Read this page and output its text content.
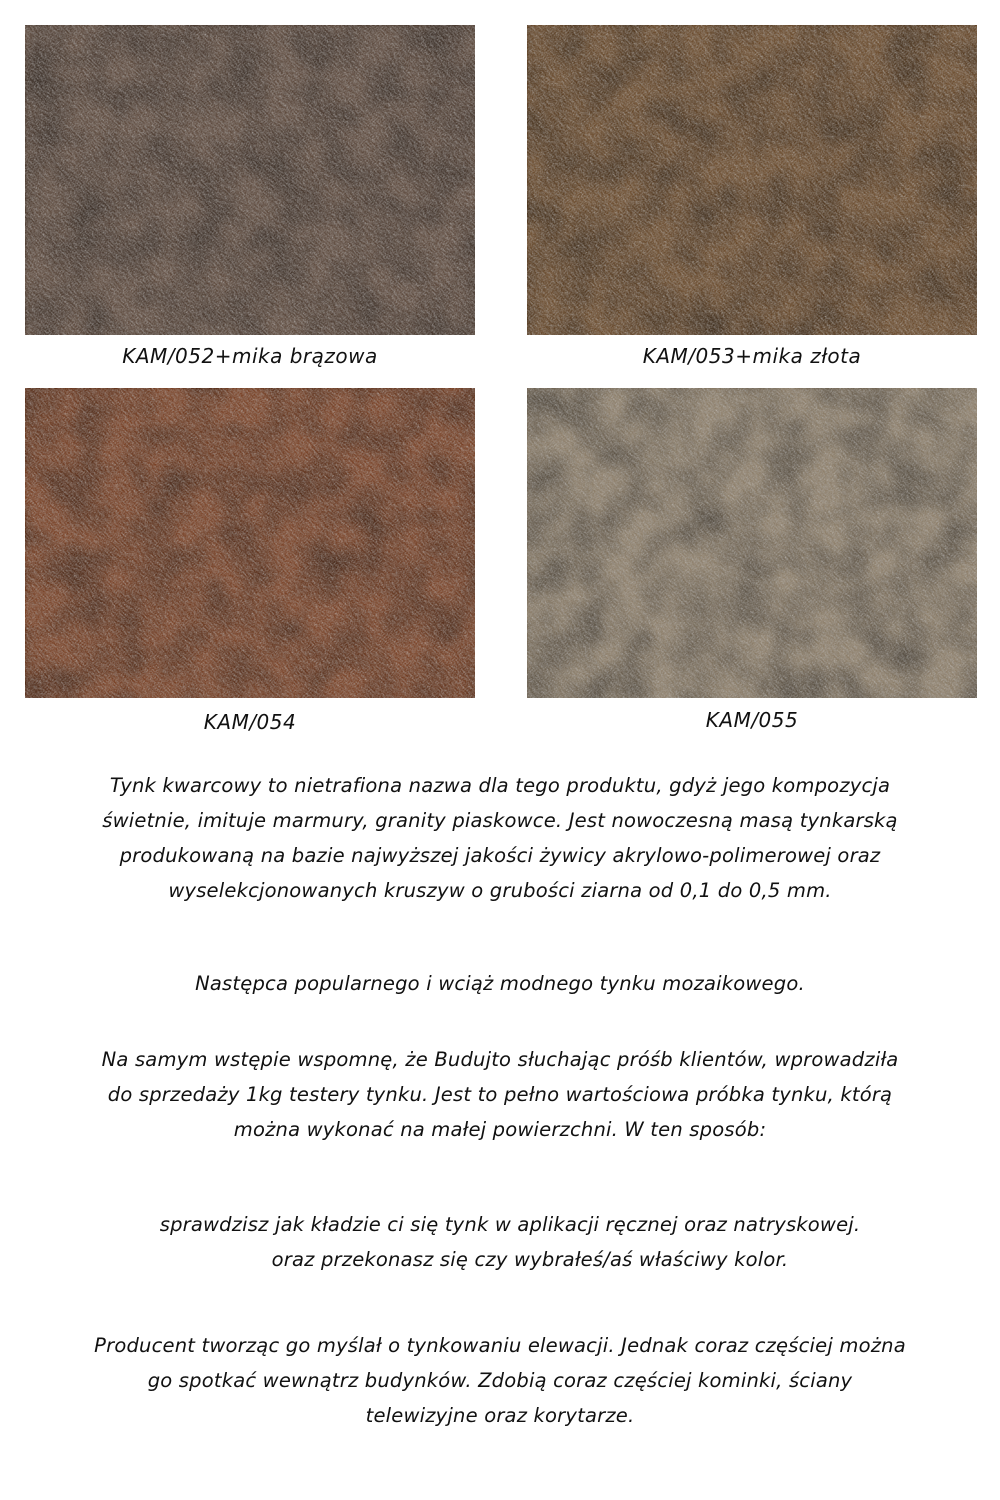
KAM/052+mika brązowa	KAM/053+mika złota
KAM/054	KAM/055

Tynk kwarcowy to nietrafiona nazwa dla tego produktu, gdyż jego kompozycja

świetnie, imituje marmury, granity piaskowce. Jest nowoczesną masą tynkarską

produkowaną na bazie najwyższej jakości żywicy akrylowo-polimerowej oraz

wyselekcjonowanych kruszyw o grubości ziarna od 0,1 do 0,5 mm.

Następca popularnego i wciąż modnego tynku mozaikowego.

Na samym wstępie wspomnę, że Budujto słuchając próśb klientów, wprowadziła

do sprzedaży 1kg testery tynku. Jest to pełno wartościowa próbka tynku, którą

można wykonać na małej powierzchni. W ten sposób:

sprawdzisz jak kładzie ci się tynk w aplikacji ręcznej oraz natryskowej.

oraz przekonasz się czy wybrałeś/aś właściwy kolor.

Producent tworząc go myślał o tynkowaniu elewacji. Jednak coraz częściej można

go spotkać wewnątrz budynków. Zdobią coraz częściej kominki, ściany

telewizyjne oraz korytarze.
